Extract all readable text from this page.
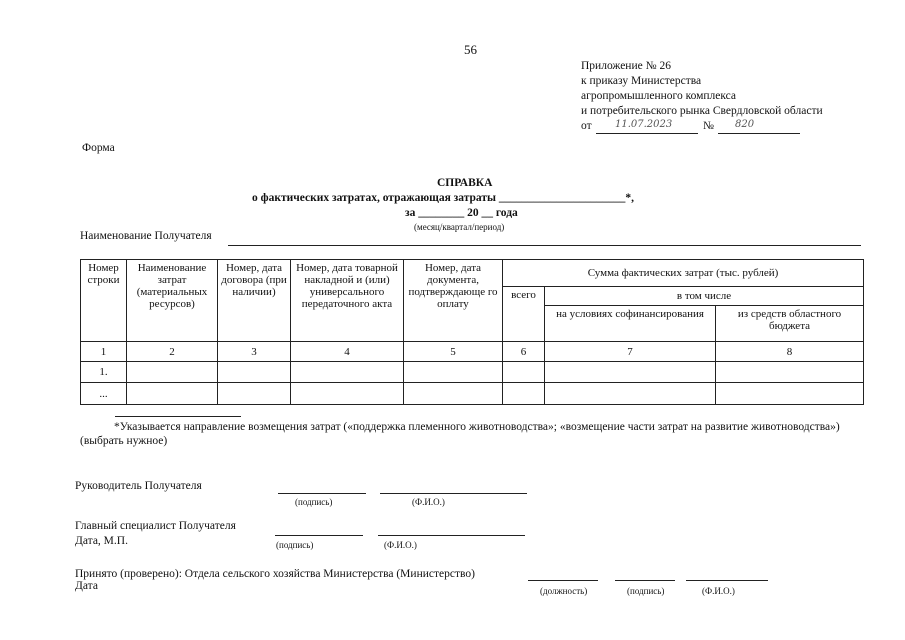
56
Приложение № 26
к приказу Министерства
агропромышленного комплекса
и потребительского рынка Свердловской области
от 11.07.2023	№ 820
Форма
СПРАВКА
о фактических затратах, отражающая затраты ______________________*,
за ________ 20 __ года
(месяц/квартал/период)
Наименование Получателя
Номер строки	Наименование затрат (материальных ресурсов)	Номер, дата договора (при наличии)	Номер, дата товарной накладной и (или) универсального передаточного акта	Номер, дата документа, подтверждающе го оплату	Сумма фактических затрат (тыс. рублей)		
					всего	в том числе	
						на условиях софинансирования	из средств областного бюджета
1	2	3	4	5	6	7	8
1.							
...							
*Указывается направление возмещения затрат («поддержка племенного животноводства»; «возмещение части затрат на развитие животноводства») (выбрать нужное)
Руководитель Получателя
(подпись)	(Ф.И.О.)
Главный специалист Получателя
Дата, М.П.	(подпись)	(Ф.И.О.)
Принято (проверено): Отдела сельского хозяйства Министерства (Министерство)
Дата	(должность)	(подпись)	(Ф.И.О.)
